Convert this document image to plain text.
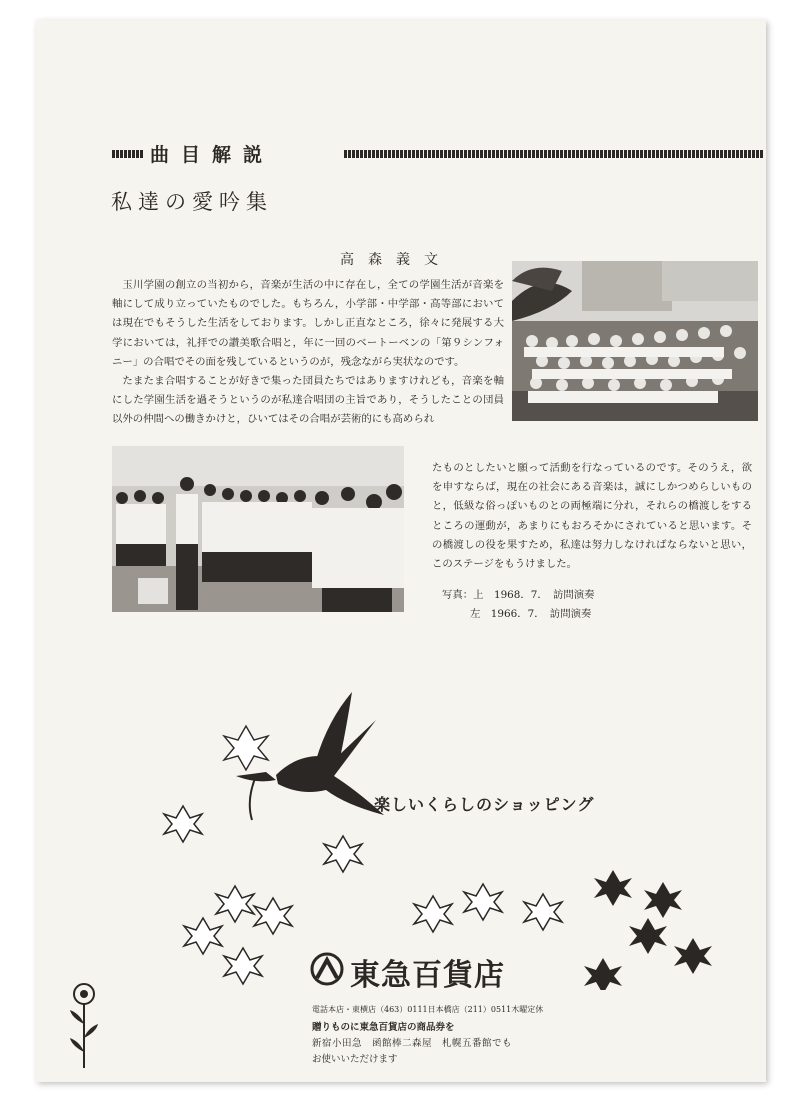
曲目解説
私達の愛吟集
高森義文

玉川学園の創立の当初から，音楽が生活の中に存在し，全ての学園生活が音楽を軸にして成り立っていたものでした。もちろん，小学部・中学部・高等部においては現在でもそうした生活をしております。しかし正直なところ，徐々に発展する大学においては，礼拝での讃美歌合唱と，年に一回のベートーベンの「第９シンフォニー」の合唱でその面を残しているというのが，残念ながら実状なのです。

たまたま合唱することが好きで集った団員たちではありますけれども，音楽を軸にした学園生活を過そうというのが私達合唱団の主旨であり，そうしたことの団員以外の仲間への働きかけと，ひいてはその合唱が芸術的にも高められ

たものとしたいと願って活動を行なっているのです。そのうえ，欲を申すならば，現在の社会にある音楽は，誠にしかつめらしいものと，低級な俗っぽいものとの両極端に分れ，それらの橋渡しをするところの運動が，あまりにもおろそかにされていると思います。その橋渡しの役を果すため，私達は努力しなければならないと思い，このステージをもうけました。
写真：上　1968．7．　訪問演奏
左　1966．7．　訪問演奏
楽しいくらしのショッピング
東急百貨店
電話本店・東横店（463）0111日本橋店（211）0511木曜定休
贈りものに東急百貨店の商品券を
新宿小田急　函館棒二森屋　札幌五番館でも
お使いいただけます
